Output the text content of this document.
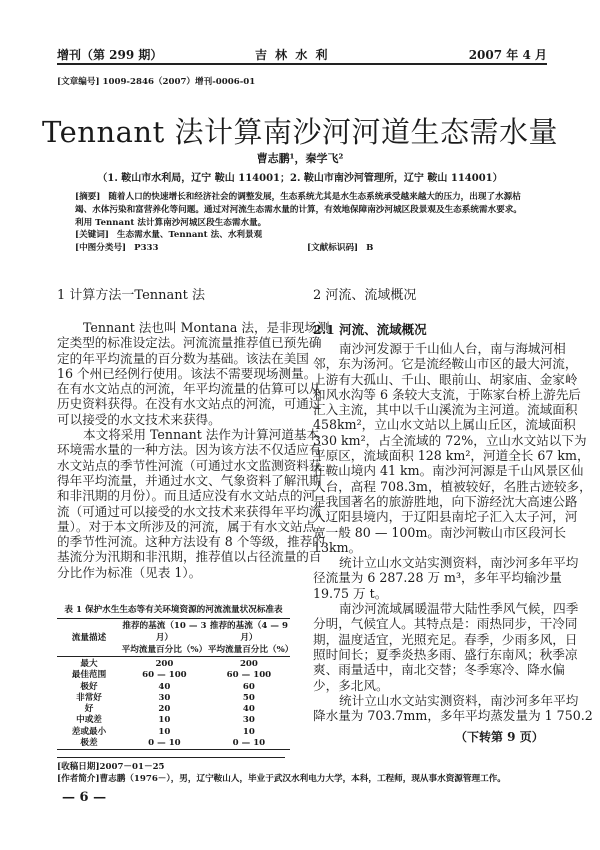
增刊（第 299 期）	吉 林 水 利	2007 年 4 月
[文章编号] 1009-2846（2007）增刊-0006-01
Tennant 法计算南沙河河道生态需水量
曹志鹏¹，秦学飞²
（1. 鞍山市水利局，辽宁 鞍山 114001；2. 鞍山市南沙河管理所，辽宁 鞍山 114001）
[摘要] 随着人口的快速增长和经济社会的调整发展，生态系统尤其是水生态系统承受越来越大的压力，出现了水源枯
竭、水体污染和富营养化等问题。通过对河流生态需水量的计算，有效地保障南沙河城区段景观及生态系统需水要求。
利用 Tennant 法计算南沙河城区段生态需水量。
[关键词] 生态需水量、Tennant 法、水利景观
[中图分类号] P333	[文献标识码] B
1 计算方法一Tennant 法
Tennant 法也叫 Montana 法，是非现场测
定类型的标准设定法。河流流量推荐值已预先确
定的年平均流量的百分数为基础。该法在美国
16 个州已经例行使用。该法不需要现场测量。
在有水文站点的河流，年平均流量的估算可以从
历史资料获得。在没有水文站点的河流，可通过
可以接受的水文技术来获得。
本文将采用 Tennant 法作为计算河道基本
环境需水量的一种方法。因为该方法不仅适应有
水文站点的季节性河流（可通过水文监测资料获
得年平均流量，并通过水文、气象资料了解汛期
和非汛期的月份）。而且适应没有水文站点的河
流（可通过可以接受的水文技术来获得年平均流
量）。对于本文所涉及的河流，属于有水文站点
的季节性河流。这种方法设有 8 个等级，推荐的
基流分为汛期和非汛期，推荐值以占径流量的百
分比作为标准（见表 1）。
表 1 保护水生生态等有关环境资源的河流流量状况标准表
流量描述	推荐的基流（10 — 3 月）	推荐的基流（4 — 9 月）
	平均流量百分比（%）	平均流量百分比（%）
最大	200	200
最佳范围	60 — 100	60 — 100
极好	40	60
非常好	30	50
好	20	40
中或差	10	30
差或最小	10	10
极差	0 — 10	0 — 10
2 河流、流域概况
2.1 河流、流域概况
南沙河发源于千山仙人台，南与海城河相
邻，东为汤河。它是流经鞍山市区的最大河流，
上游有大孤山、千山、眼前山、胡家庙、金家岭
和风水沟等 6 条较大支流，于陈家台桥上游先后
汇入主流，其中以千山溪流为主河道。流域面积
458km²，立山水文站以上属山丘区，流域面积
330 km²，占全流域的 72%，立山水文站以下为
平原区，流域面积 128 km²，河道全长 67 km，
在鞍山境内 41 km。南沙河河源是千山风景区仙
人台，高程 708.3m，植被较好，名胜古迹较多，
是我国著名的旅游胜地，向下游经沈大高速公路
入辽阳县境内，于辽阳县南坨子汇入太子河，河
宽一般 80 — 100m。南沙河鞍山市区段河长
13km。
统计立山水文站实测资料，南沙河多年平均
径流量为 6 287.28 万 m³，多年平均输沙量
19.75 万 t。
南沙河流域属暖温带大陆性季风气候，四季
分明，气候宜人。其特点是：雨热同步，干冷同
期，温度适宜，光照充足。春季，少雨多风，日
照时间长；夏季炎热多雨、盛行东南风；秋季凉
爽、雨量适中，南北交替；冬季寒冷、降水偏
少，多北风。
统计立山水文站实测资料，南沙河多年平均
降水量为 703.7mm，多年平均蒸发量为 1 750.2
（下转第 9 页）
[收稿日期]2007－01－25
[作者简介]曹志鹏（1976－），男，辽宁鞍山人，毕业于武汉水利电力大学，本科，工程师，现从事水资源管理工作。
— 6 —
